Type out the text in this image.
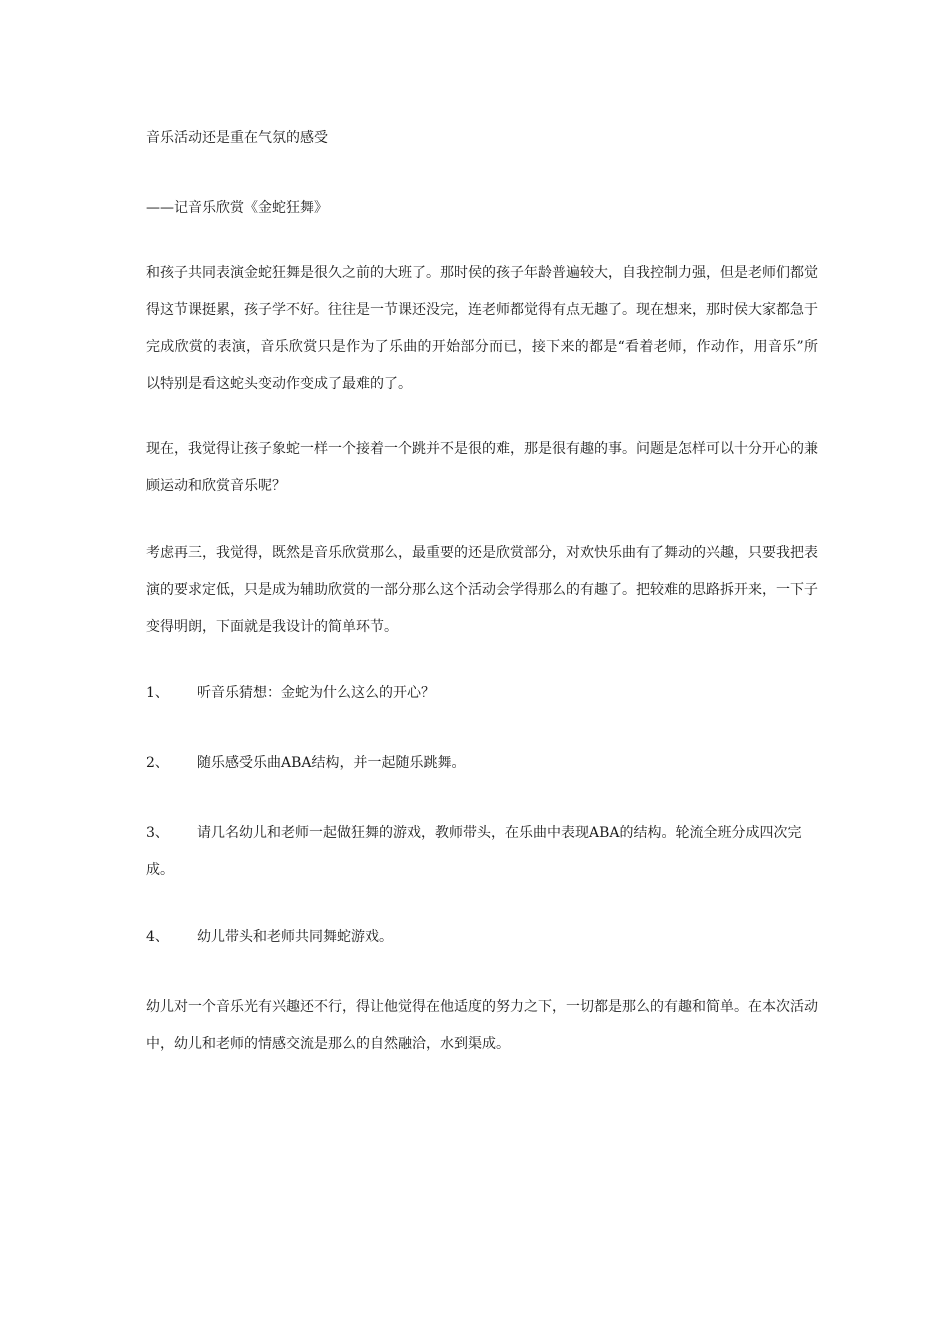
音乐活动还是重在气氛的感受
——记音乐欣赏《金蛇狂舞》
和孩子共同表演金蛇狂舞是很久之前的大班了。那时侯的孩子年龄普遍较大，自我控制力强，但是老师们都觉得这节课挺累，孩子学不好。往往是一节课还没完，连老师都觉得有点无趣了。现在想来，那时侯大家都急于完成欣赏的表演，音乐欣赏只是作为了乐曲的开始部分而已，接下来的都是“看着老师，作动作，用音乐”所以特别是看这蛇头变动作变成了最难的了。
现在，我觉得让孩子象蛇一样一个接着一个跳并不是很的难，那是很有趣的事。问题是怎样可以十分开心的兼顾运动和欣赏音乐呢？
考虑再三，我觉得，既然是音乐欣赏那么，最重要的还是欣赏部分，对欢快乐曲有了舞动的兴趣，只要我把表演的要求定低，只是成为辅助欣赏的一部分那么这个活动会学得那么的有趣了。把较难的思路拆开来，一下子变得明朗，下面就是我设计的简单环节。
1、 听音乐猜想：金蛇为什么这么的开心？
2、 随乐感受乐曲ABA结构，并一起随乐跳舞。
3、 请几名幼儿和老师一起做狂舞的游戏，教师带头，在乐曲中表现ABA的结构。轮流全班分成四次完成。
4、 幼儿带头和老师共同舞蛇游戏。
幼儿对一个音乐光有兴趣还不行，得让他觉得在他适度的努力之下，一切都是那么的有趣和简单。在本次活动中，幼儿和老师的情感交流是那么的自然融洽，水到渠成。
